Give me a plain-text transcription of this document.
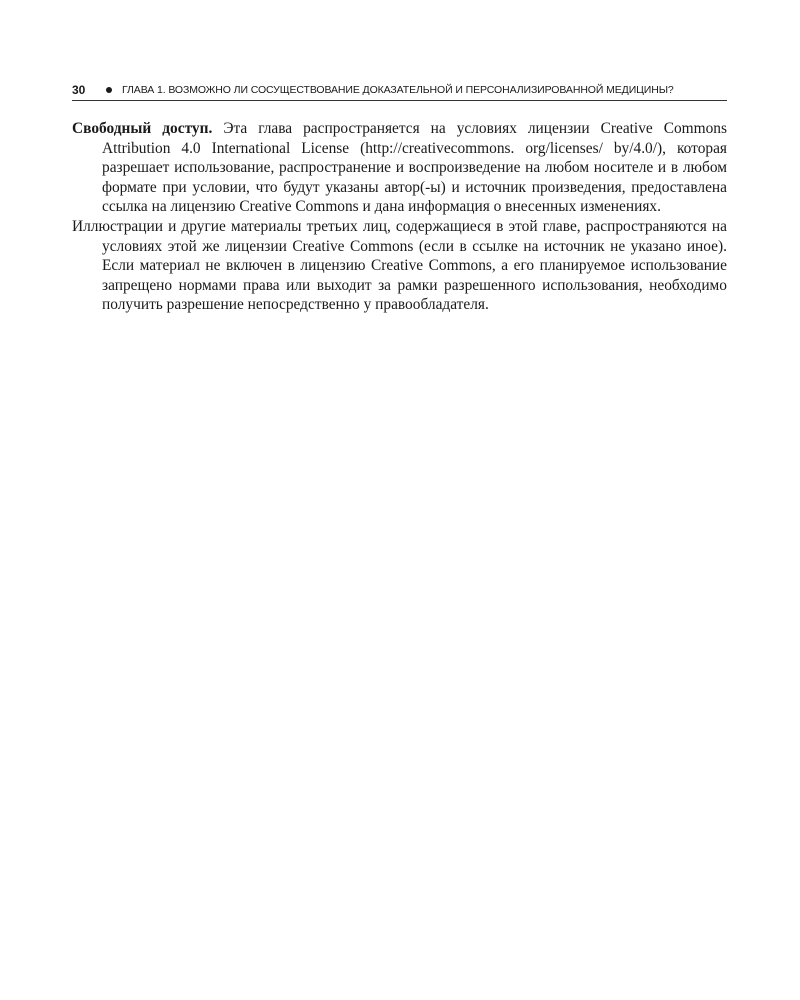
30	ГЛАВА 1. ВОЗМОЖНО ЛИ СОСУЩЕСТВОВАНИЕ ДОКАЗАТЕЛЬНОЙ И ПЕРСОНАЛИЗИРОВАННОЙ МЕДИЦИНЫ?

Свободный доступ. Эта глава распространяется на условиях лицензии Creative Commons Attribution 4.0 International License (http://creativecommons. org/licenses/ by/4.0/), которая разрешает использование, распространение и воспроизведение на любом носителе и в любом формате при условии, что будут указаны автор(-ы) и источник произведения, предоставлена ссылка на лицензию Creative Commons и дана информация о внесенных изменениях.

Иллюстрации и другие материалы третьих лиц, содержащиеся в этой главе, распространяются на условиях этой же лицензии Creative Commons (если в ссылке на источник не указано иное). Если материал не включен в лицензию Creative Commons, а его планируемое использование запрещено нормами права или выходит за рамки разрешенного использования, необходимо получить разрешение непосредственно у правообладателя.
